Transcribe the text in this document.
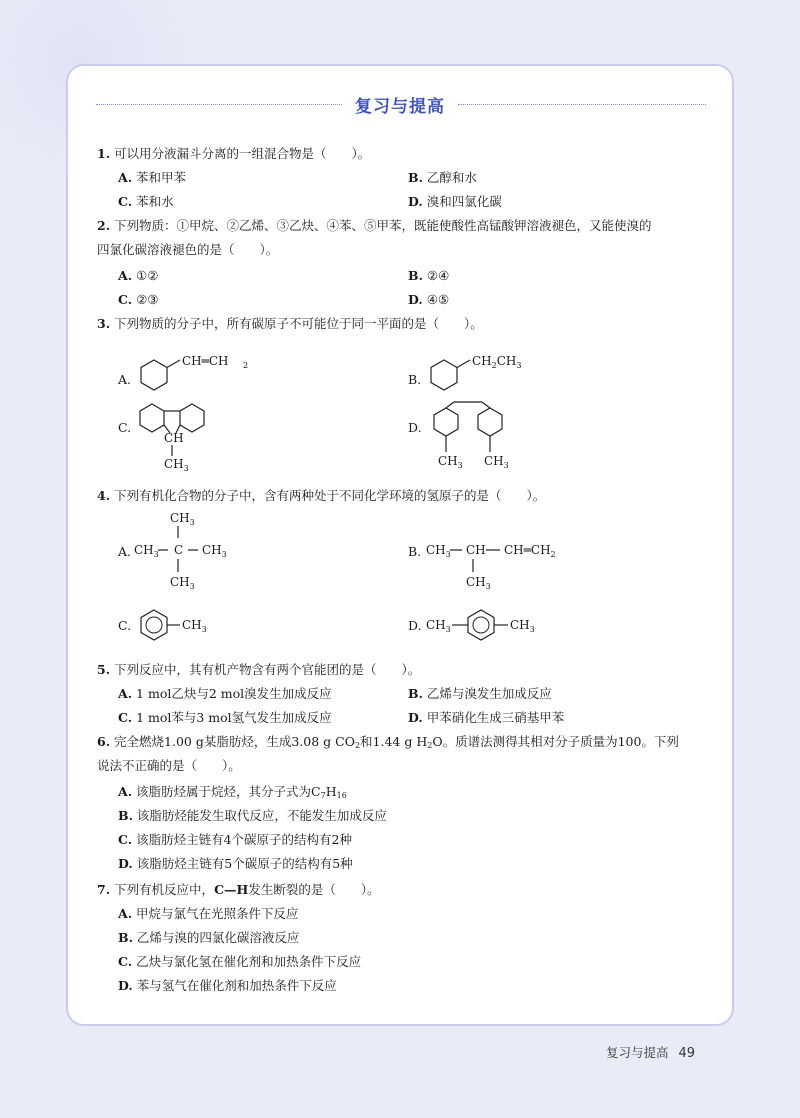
复习与提高
1. 可以用分液漏斗分离的一组混合物是（　　）。
A. 苯和甲苯	B. 乙醇和水
C. 苯和水	D. 溴和四氯化碳
2. 下列物质：①甲烷、②乙烯、③乙炔、④苯、⑤甲苯，既能使酸性高锰酸钾溶液褪色，又能使溴的
四氯化碳溶液褪色的是（　　）。
A. ①②	B. ②④
C. ②③	D. ④⑤
3. 下列物质的分子中，所有碳原子不可能位于同一平面的是（　　）。
A.
CH═CH 2
B.
$CH_2CH_3$
C.
CH
$CH_3$
D.
$CH_3$ $CH_3$
4. 下列有机化合物的分子中，含有两种处于不同化学环境的氢原子的是（　　）。
A.
$CH_3$
$CH_3$ C $CH_3$
$CH_3$
B. $CH_3$ CH $CH═CH_2$
$CH_3$
C.	$CH_3$	D. $CH_3$	$CH_3$
5. 下列反应中，其有机产物含有两个官能团的是（　　）。
A. 1 mol乙炔与2 mol溴发生加成反应	B. 乙烯与溴发生加成反应
C. 1 mol苯与3 mol氢气发生加成反应	D. 甲苯硝化生成三硝基甲苯
6. 完全燃烧1.00 g某脂肪烃，生成3.08 g $CO_2$和1.44 g $H_2O$。质谱法测得其相对分子质量为100。下列
说法不正确的是（　　）。
A. 该脂肪烃属于烷烃，其分子式为$C_7H_{16}$
B. 该脂肪烃能发生取代反应，不能发生加成反应
C. 该脂肪烃主链有4个碳原子的结构有2种
D. 该脂肪烃主链有5个碳原子的结构有5种
7. 下列有机反应中，C—H发生断裂的是（　　）。
A. 甲烷与氯气在光照条件下反应
B. 乙烯与溴的四氯化碳溶液反应
C. 乙炔与氯化氢在催化剂和加热条件下反应
D. 苯与氢气在催化剂和加热条件下反应
复习与提高 49
